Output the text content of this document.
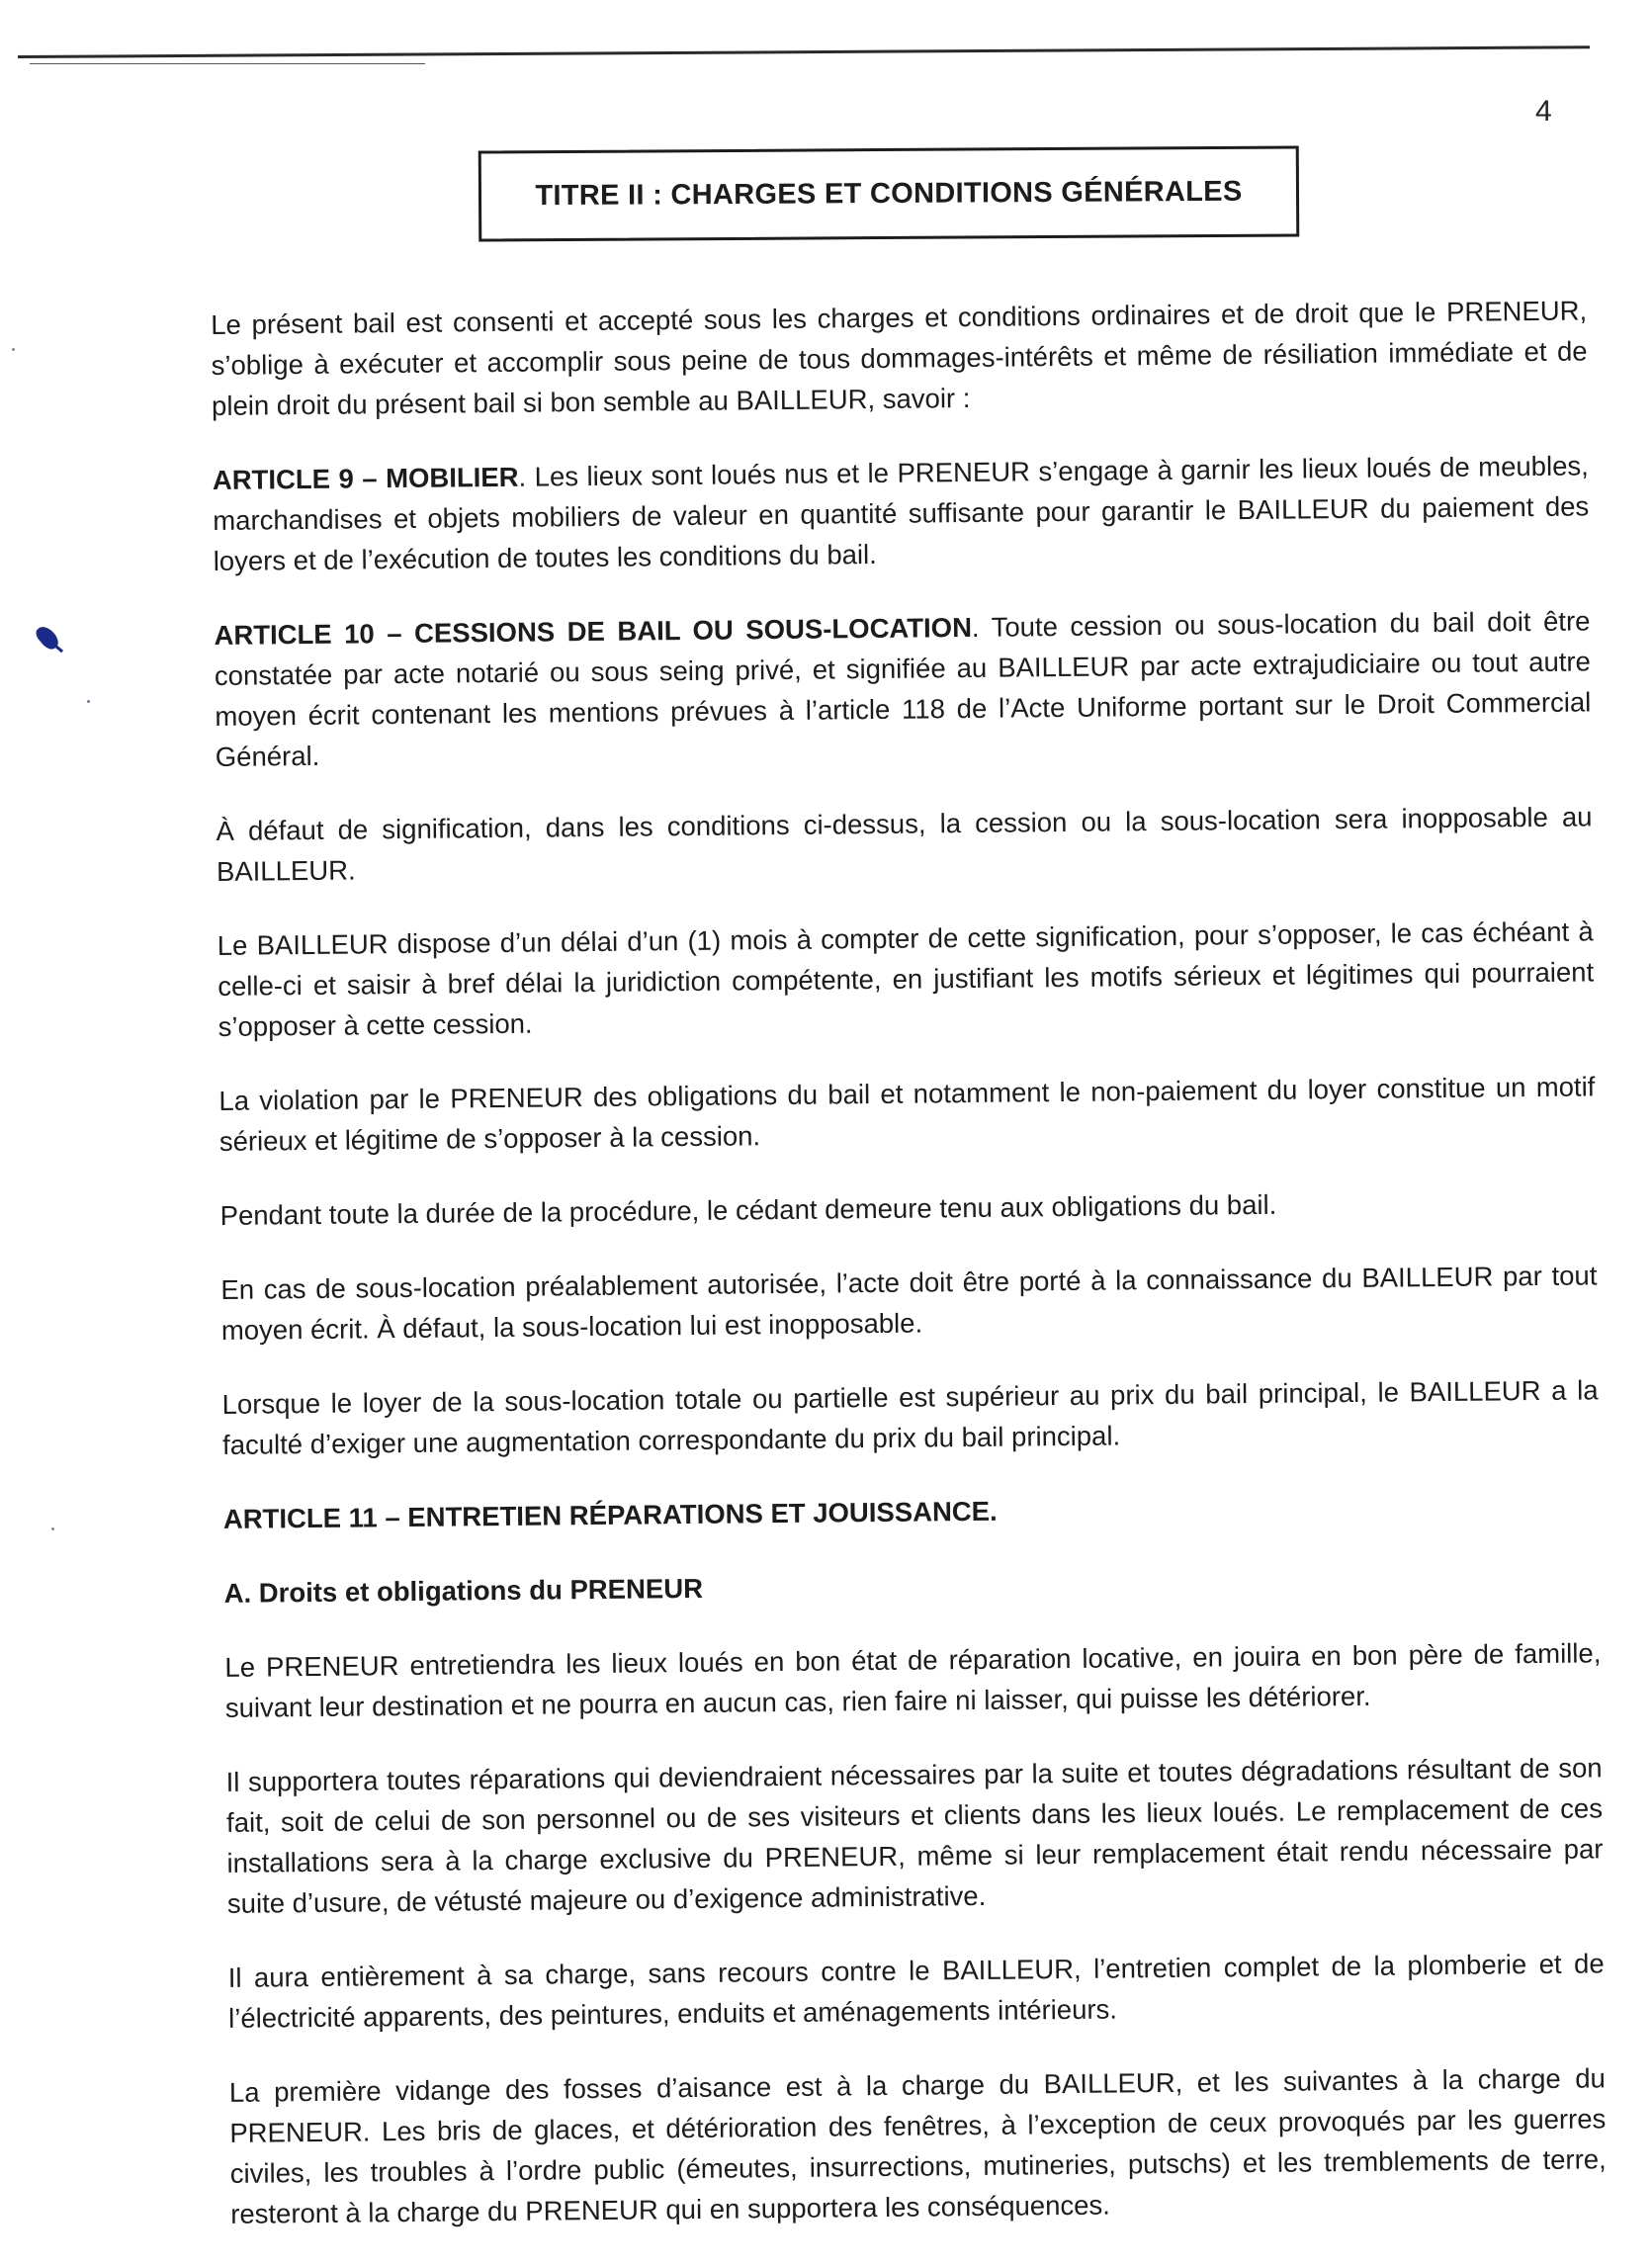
4
TITRE II : CHARGES ET CONDITIONS GÉNÉRALES

Le présent bail est consenti et accepté sous les charges et conditions ordinaires et de droit que le PRENEUR, s’oblige à exécuter et accomplir sous peine de tous dommages-intérêts et même de résiliation immédiate et de plein droit du présent bail si bon semble au BAILLEUR, savoir :

ARTICLE 9 – MOBILIER. Les lieux sont loués nus et le PRENEUR s’engage à garnir les lieux loués de meubles, marchandises et objets mobiliers de valeur en quantité suffisante pour garantir le BAILLEUR du paiement des loyers et de l’exécution de toutes les conditions du bail.

ARTICLE 10 – CESSIONS DE BAIL OU SOUS-LOCATION. Toute cession ou sous-location du bail doit être constatée par acte notarié ou sous seing privé, et signifiée au BAILLEUR par acte extrajudiciaire ou tout autre moyen écrit contenant les mentions prévues à l’article 118 de l’Acte Uniforme portant sur le Droit Commercial Général.

À défaut de signification, dans les conditions ci-dessus, la cession ou la sous-location sera inopposable au BAILLEUR.

Le BAILLEUR dispose d’un délai d’un (1) mois à compter de cette signification, pour s’opposer, le cas échéant à celle-ci et saisir à bref délai la juridiction compétente, en justifiant les motifs sérieux et légitimes qui pourraient s’opposer à cette cession.

La violation par le PRENEUR des obligations du bail et notamment le non-paiement du loyer constitue un motif sérieux et légitime de s’opposer à la cession.

Pendant toute la durée de la procédure, le cédant demeure tenu aux obligations du bail.

En cas de sous-location préalablement autorisée, l’acte doit être porté à la connaissance du BAILLEUR par tout moyen écrit. À défaut, la sous-location lui est inopposable.

Lorsque le loyer de la sous-location totale ou partielle est supérieur au prix du bail principal, le BAILLEUR a la faculté d’exiger une augmentation correspondante du prix du bail principal.

ARTICLE 11 – ENTRETIEN RÉPARATIONS ET JOUISSANCE.

A. Droits et obligations du PRENEUR

Le PRENEUR entretiendra les lieux loués en bon état de réparation locative, en jouira en bon père de famille, suivant leur destination et ne pourra en aucun cas, rien faire ni laisser, qui puisse les détériorer.

Il supportera toutes réparations qui deviendraient nécessaires par la suite et toutes dégradations résultant de son fait, soit de celui de son personnel ou de ses visiteurs et clients dans les lieux loués. Le remplacement de ces installations sera à la charge exclusive du PRENEUR, même si leur remplacement était rendu nécessaire par suite d’usure, de vétusté majeure ou d’exigence administrative.

Il aura entièrement à sa charge, sans recours contre le BAILLEUR, l’entretien complet de la plomberie et de l’électricité apparents, des peintures, enduits et aménagements intérieurs.

La première vidange des fosses d’aisance est à la charge du BAILLEUR, et les suivantes à la charge du PRENEUR. Les bris de glaces, et détérioration des fenêtres, à l’exception de ceux provoqués par les guerres civiles, les troubles à l’ordre public (émeutes, insurrections, mutineries, putschs) et les tremblements de terre, resteront à la charge du PRENEUR qui en supportera les conséquences.
